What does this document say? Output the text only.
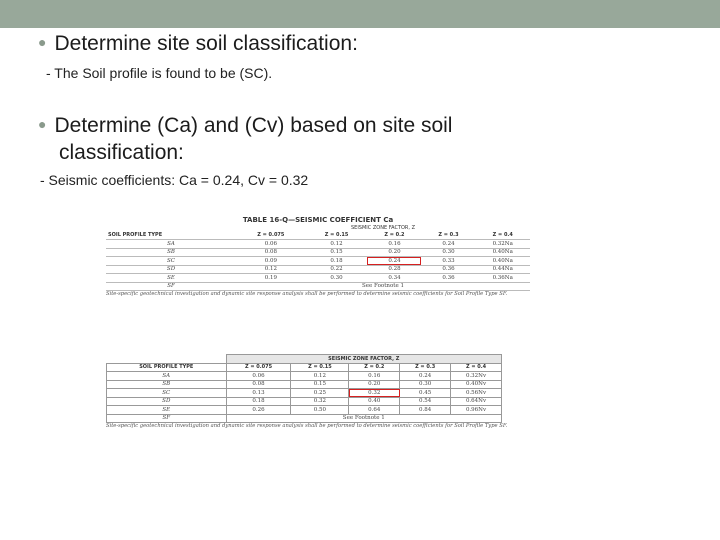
● Determine site soil classification:
- The Soil profile is found to be (SC).
● Determine (Ca) and (Cv) based on site soil
classification:
- Seismic coefficients: Ca = 0.24, Cv = 0.32
TABLE 16-Q—SEISMIC COEFFICIENT Ca
	SEISMIC ZONE FACTOR, Z				
SOIL PROFILE TYPE	Z = 0.075	Z = 0.15	Z = 0.2	Z = 0.3	Z = 0.4
SA	0.06	0.12	0.16	0.24	0.32Na
SB	0.08	0.15	0.20	0.30	0.40Na
SC	0.09	0.18	0.24	0.33	0.40Na
SD	0.12	0.22	0.28	0.36	0.44Na
SE	0.19	0.30	0.34	0.36	0.36Na
SF	See Footnote 1				
Site-specific geotechnical investigation and dynamic site response analysis shall be performed to determine seismic coefficients for Soil Profile Type SF.
	SEISMIC ZONE FACTOR, Z				
SOIL PROFILE TYPE	Z = 0.075	Z = 0.15	Z = 0.2	Z = 0.3	Z = 0.4
SA	0.06	0.12	0.16	0.24	0.32Nv
SB	0.08	0.15	0.20	0.30	0.40Nv
SC	0.13	0.25	0.32	0.45	0.56Nv
SD	0.18	0.32	0.40	0.54	0.64Nv
SE	0.26	0.50	0.64	0.84	0.96Nv
SF	See Footnote 1				
Site-specific geotechnical investigation and dynamic site response analysis shall be performed to determine seismic coefficients for Soil Profile Type SF.
